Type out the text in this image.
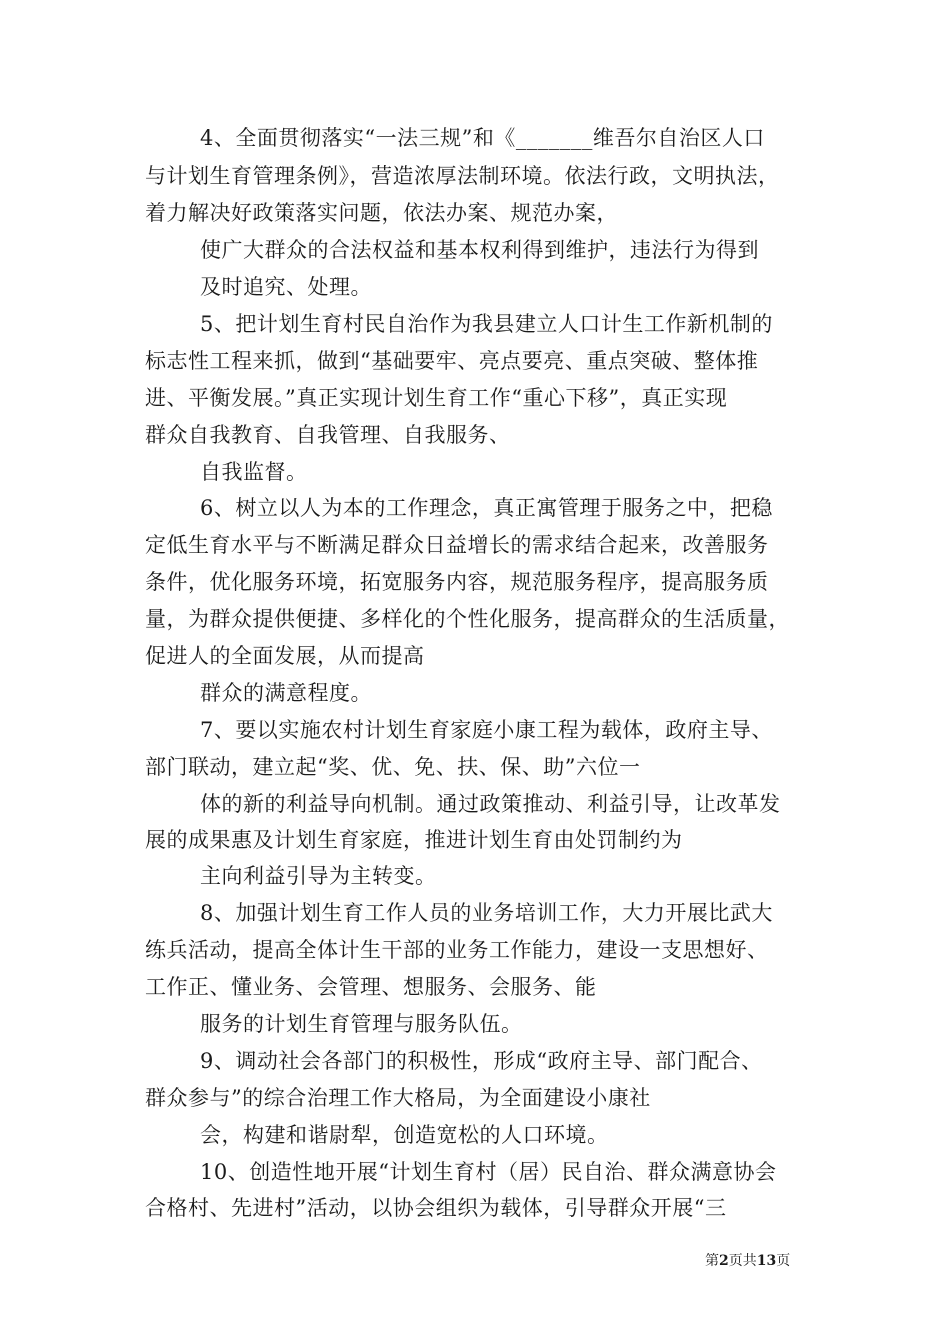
4、全面贯彻落实“一法三规”和《_______维吾尔自治区人口
与计划生育管理条例》，营造浓厚法制环境。依法行政，文明执法，
着力解决好政策落实问题，依法办案、规范办案，
使广大群众的合法权益和基本权利得到维护，违法行为得到
及时追究、处理。
5、把计划生育村民自治作为我县建立人口计生工作新机制的
标志性工程来抓，做到“基础要牢、亮点要亮、重点突破、整体推
进、平衡发展。”真正实现计划生育工作“重心下移”，真正实现
群众自我教育、自我管理、自我服务、
自我监督。
6、树立以人为本的工作理念，真正寓管理于服务之中，把稳
定低生育水平与不断满足群众日益增长的需求结合起来，改善服务
条件，优化服务环境，拓宽服务内容，规范服务程序，提高服务质
量，为群众提供便捷、多样化的个性化服务，提高群众的生活质量，
促进人的全面发展，从而提高
群众的满意程度。
7、要以实施农村计划生育家庭小康工程为载体，政府主导、
部门联动，建立起“奖、优、免、扶、保、助”六位一
体的新的利益导向机制。通过政策推动、利益引导，让改革发
展的成果惠及计划生育家庭，推进计划生育由处罚制约为
主向利益引导为主转变。
8、加强计划生育工作人员的业务培训工作，大力开展比武大
练兵活动，提高全体计生干部的业务工作能力，建设一支思想好、
工作正、懂业务、会管理、想服务、会服务、能
服务的计划生育管理与服务队伍。
9、调动社会各部门的积极性，形成“政府主导、部门配合、
群众参与”的综合治理工作大格局，为全面建设小康社
会，构建和谐尉犁，创造宽松的人口环境。
10、创造性地开展“计划生育村（居）民自治、群众满意协会
合格村、先进村”活动，以协会组织为载体，引导群众开展“三
第2页共13页
